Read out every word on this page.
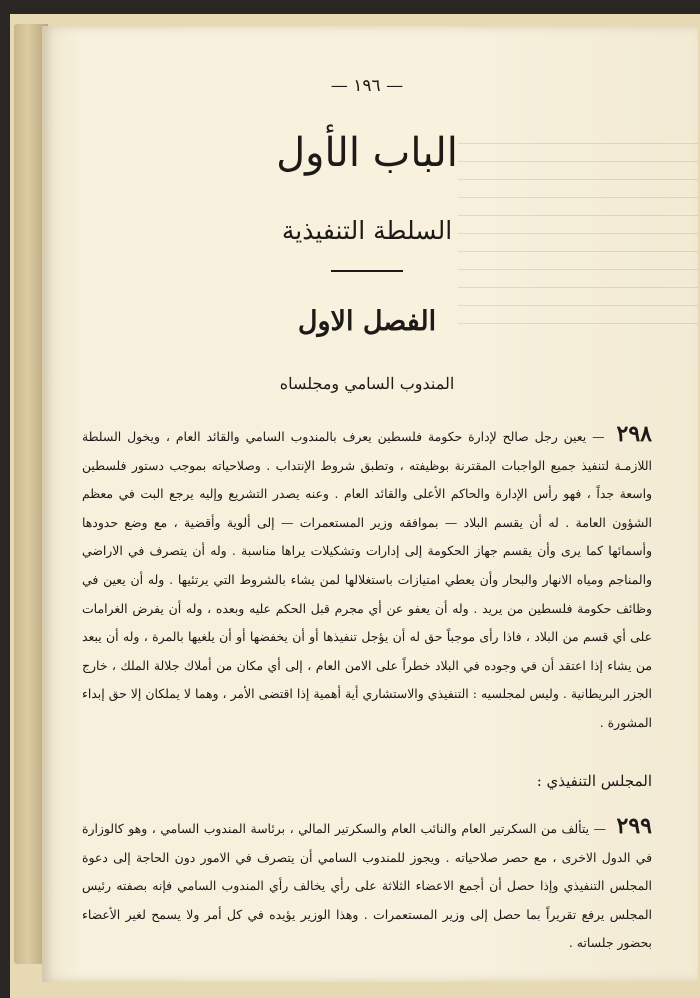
— ١٩٦ —
الباب الأول
السلطة التنفيذية
الفصل الاول
المندوب السامي ومجلساه

٢٩٨ — يعين رجل صالح لإدارة حكومة فلسطين يعرف بالمندوب السامي والقائد العام ، ويخول السلطة اللازمـة لتنفيذ جميع الواجبات المقترنة بوظيفته ، وتطبق شروط الإنتداب . وصلاحياته بموجب دستور فلسطين واسعة جداً ، فهو رأس الإدارة والحاكم الأعلى والقائد العام . وعنه يصدر التشريع وإليه يرجع البت في معظم الشؤون العامة . له أن يقسم البلاد — بموافقه وزير المستعمرات — إلى ألوية وأقضية ، مع وضع حدودها وأسمائها كما يرى وأن يقسم جهاز الحكومة إلى إدارات وتشكيلات يراها مناسبة . وله أن يتصرف في الاراضي والمناجم ومياه الانهار والبحار وأن يعطي امتيازات باستغلالها لمن يشاء بالشروط التي يرتئيها . وله أن يعين في وظائف حكومة فلسطين من يريد . وله أن يعفو عن أي مجرم قبل الحكم عليه وبعده ، وله أن يفرض الغرامات على أي قسم من البلاد ، فاذا رأى موجباً حق له أن يؤجل تنفيذها أو أن يخفضها أو أن يلغيها بالمرة ، وله أن يبعد من يشاء إذا اعتقد أن في وجوده في البلاد خطراً على الامن العام ، إلى أي مكان من أملاك جلالة الملك ، خارج الجزر البريطانية . وليس لمجلسيه : التنفيذي والاستشاري أية أهمية إذا اقتضى الأمر ، وهما لا يملكان إلا حق إبداء المشورة .

المجلس التنفيذي :

٢٩٩ — يتألف من السكرتير العام والنائب العام والسكرتير المالي ، برئاسة المندوب السامي ، وهو كالوزارة في الدول الاخرى ، مع حصر صلاحياته . ويجوز للمندوب السامي أن يتصرف في الامور دون الحاجة إلى دعوة المجلس التنفيذي وإذا حصل أن أجمع الاعضاء الثلاثة على رأي يخالف رأي المندوب السامي فإنه بصفته رئيس المجلس يرفع تقريراً بما حصل إلى وزير المستعمرات . وهذا الوزير يؤيده في كل أمر ولا يسمح لغير الأعضاء بحضور جلساته .
